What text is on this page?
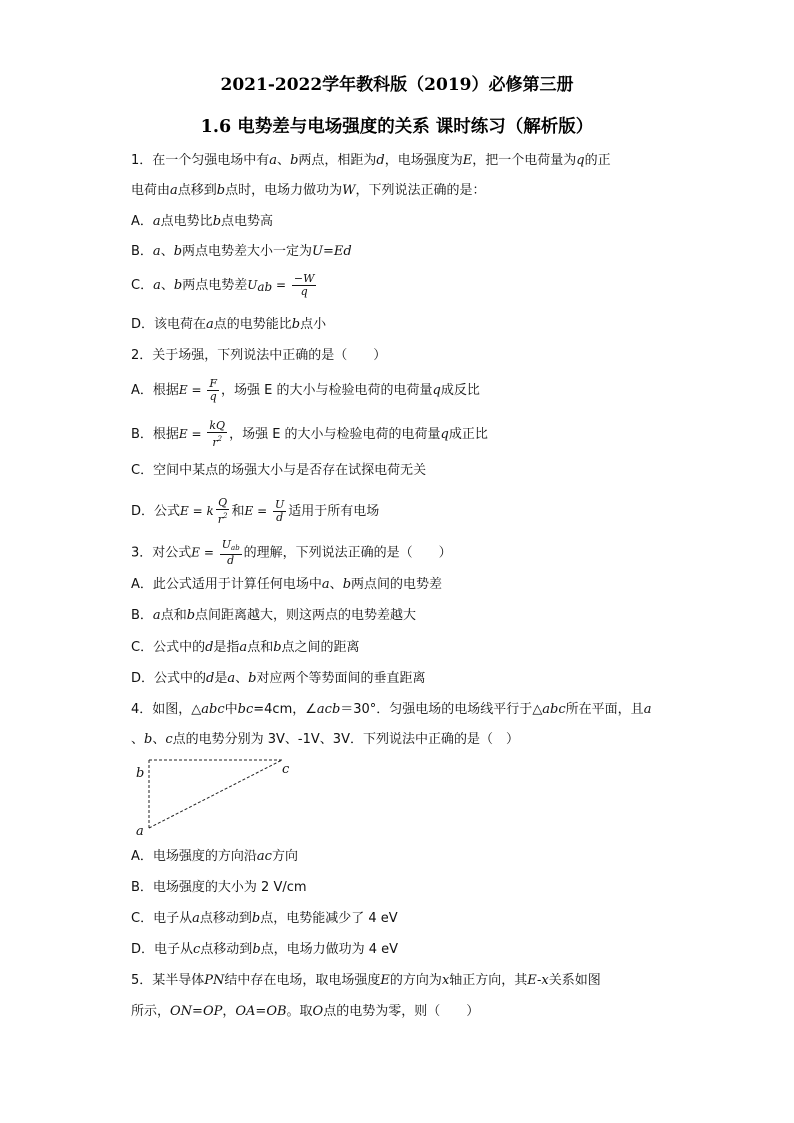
2021-2022学年教科版（2019）必修第三册
1.6 电势差与电场强度的关系 课时练习（解析版）
1．在一个匀强电场中有a、b两点，相距为d，电场强度为E，把一个电荷量为q的正
电荷由a点移到b点时，电场力做功为W，下列说法正确的是：
A．a点电势比b点电势高
B．a、b两点电势差大小一定为U=Ed
C．a、b两点电势差Uab = $\frac{-W}{q}$
D．该电荷在a点的电势能比b点小
2．关于场强，下列说法中正确的是（　　）
A．根据$E = \frac{F}{q}$ ，场强 E 的大小与检验电荷的电荷量q成反比
B．根据$E = \frac{kQ}{r^2}$ ，场强 E 的大小与检验电荷的电荷量q成正比
C．空间中某点的场强大小与是否存在试探电荷无关
D．公式E = k $\frac{Q}{r^2}$ 和$E = \frac{U}{d}$ 适用于所有电场
3．对公式$E = \frac{U_{ab}}{d}$ 的理解，下列说法正确的是（　　）
A．此公式适用于计算任何电场中a、b两点间的电势差
B．a点和b点间距离越大，则这两点的电势差越大
C．公式中的d是指a点和b点之间的距离
D．公式中的d是a、b对应两个等势面间的垂直距离
4．如图，△abc中bc=4cm，∠acb＝30°．匀强电场的电场线平行于△abc所在平面，且a
、b、c点的电势分别为 3V、-1V、3V．下列说法中正确的是（　）
b	c
a
A．电场强度的方向沿ac方向
B．电场强度的大小为 2 V/cm
C．电子从a点移动到b点，电势能减少了 4 eV
D．电子从c点移动到b点，电场力做功为 4 eV
5．某半导体PN结中存在电场，取电场强度E的方向为x轴正方向，其E-x关系如图
所示，ON=OP，OA=OB。取O点的电势为零，则（　　）
